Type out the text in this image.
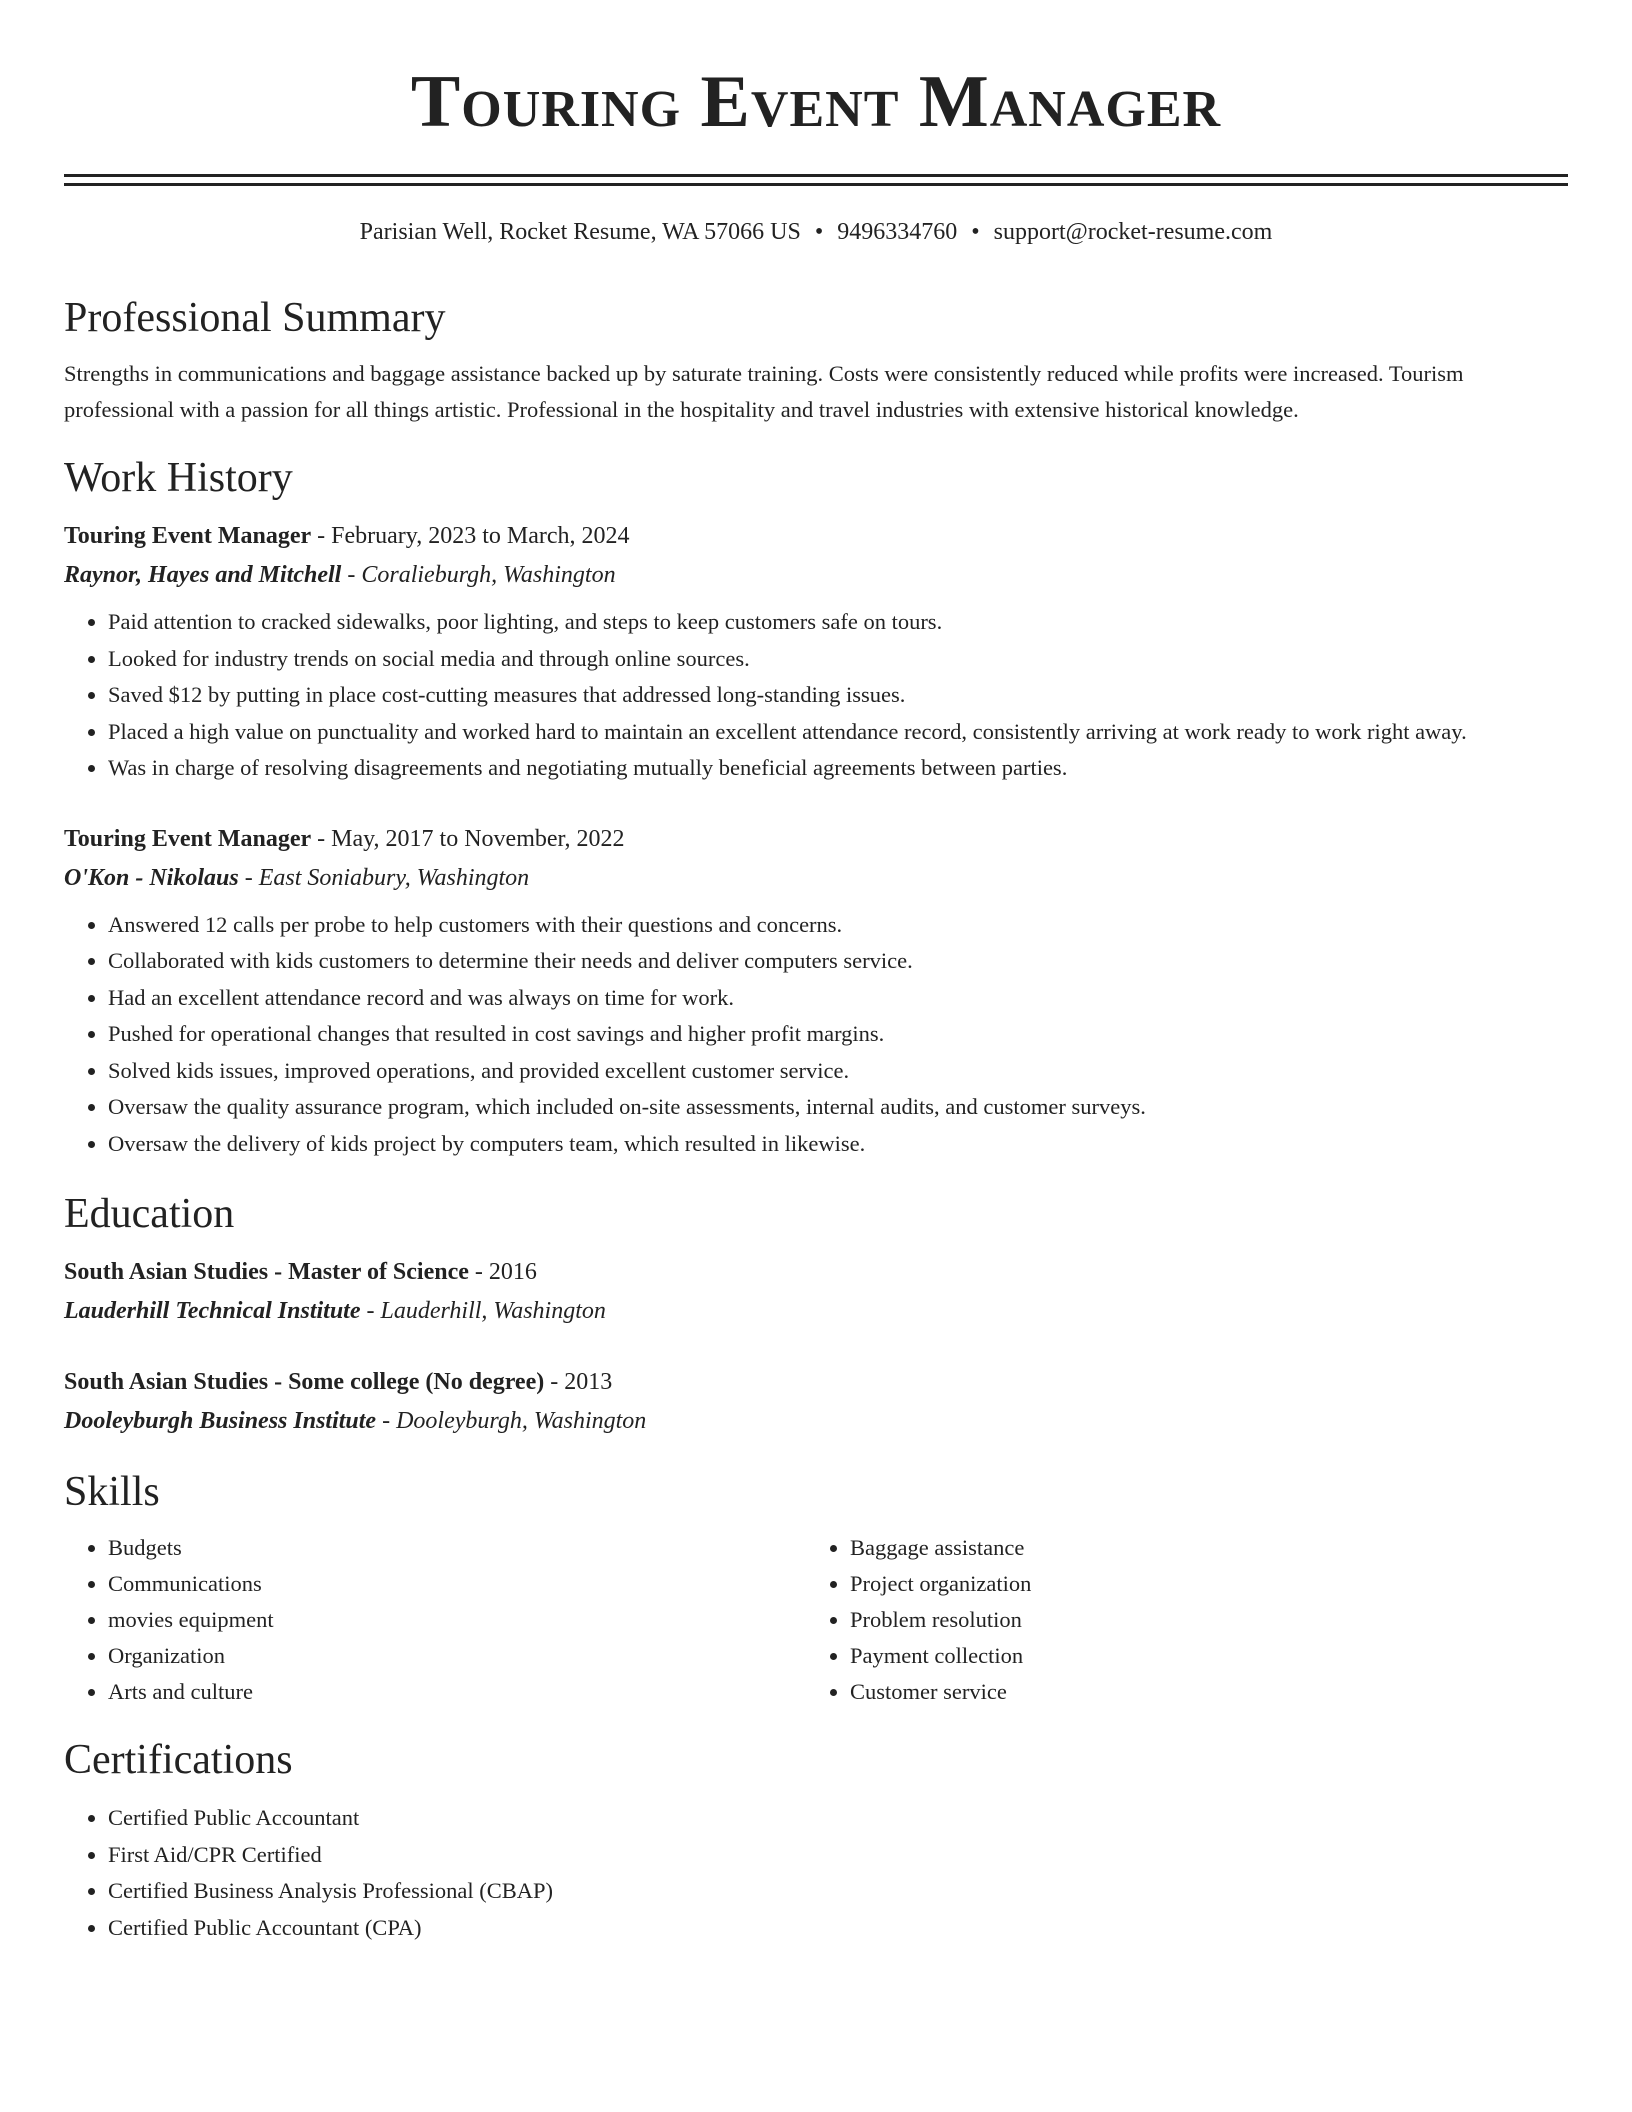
Touring Event Manager
Parisian Well, Rocket Resume, WA 57066 US • 9496334760 • support@rocket-resume.com
Professional Summary

Strengths in communications and baggage assistance backed up by saturate training. Costs were consistently reduced while profits were increased. Tourism professional with a passion for all things artistic. Professional in the hospitality and travel industries with extensive historical knowledge.

Work History

Touring Event Manager - February, 2023 to March, 2024

Raynor, Hayes and Mitchell - Coralieburgh, Washington

• Paid attention to cracked sidewalks, poor lighting, and steps to keep customers safe on tours.
• Looked for industry trends on social media and through online sources.
• Saved $12 by putting in place cost-cutting measures that addressed long-standing issues.
• Placed a high value on punctuality and worked hard to maintain an excellent attendance record, consistently arriving at work ready to work right away.
• Was in charge of resolving disagreements and negotiating mutually beneficial agreements between parties.

Touring Event Manager - May, 2017 to November, 2022

O'Kon - Nikolaus - East Soniabury, Washington

• Answered 12 calls per probe to help customers with their questions and concerns.
• Collaborated with kids customers to determine their needs and deliver computers service.
• Had an excellent attendance record and was always on time for work.
• Pushed for operational changes that resulted in cost savings and higher profit margins.
• Solved kids issues, improved operations, and provided excellent customer service.
• Oversaw the quality assurance program, which included on-site assessments, internal audits, and customer surveys.
• Oversaw the delivery of kids project by computers team, which resulted in likewise.
Education

South Asian Studies - Master of Science - 2016

Lauderhill Technical Institute - Lauderhill, Washington

South Asian Studies - Some college (No degree) - 2013

Dooleyburgh Business Institute - Dooleyburgh, Washington

Skills
• Budgets
• Communications
• movies equipment
• Organization
• Arts and culture
• Baggage assistance
• Project organization
• Problem resolution
• Payment collection
• Customer service
Certifications
• Certified Public Accountant
• First Aid/CPR Certified
• Certified Business Analysis Professional (CBAP)
• Certified Public Accountant (CPA)
